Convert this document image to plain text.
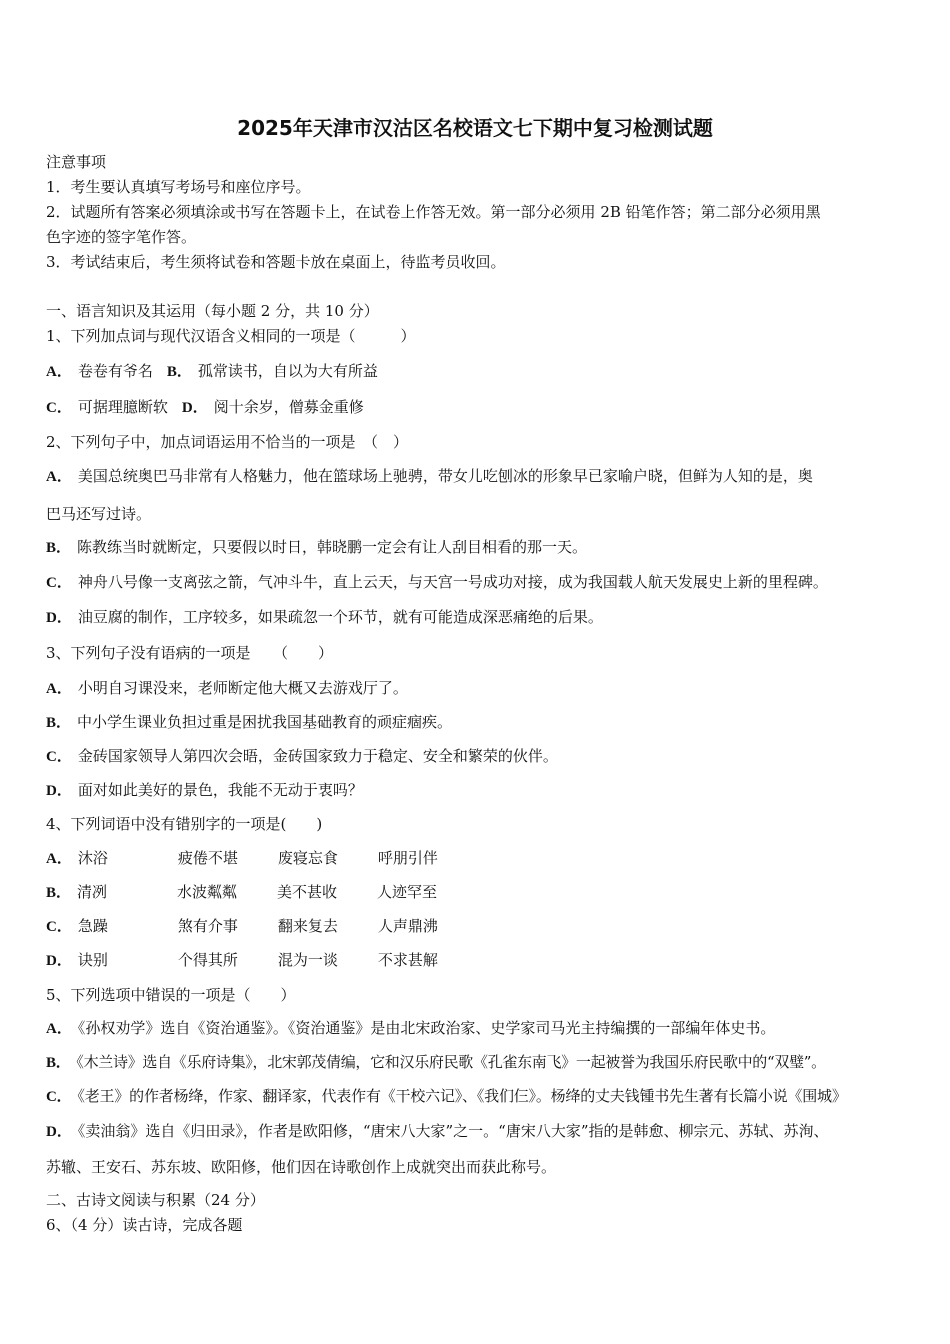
2025年天津市汉沽区名校语文七下期中复习检测试题
注意事项
1．考生要认真填写考场号和座位序号。
2．试题所有答案必须填涂或书写在答题卡上，在试卷上作答无效。第一部分必须用 2B 铅笔作答；第二部分必须用黑
色字迹的签字笔作答。
3．考试结束后，考生须将试卷和答题卡放在桌面上，待监考员收回。
一、语言知识及其运用（每小题 2 分，共 10 分）
1、下列加点词与现代汉语含义相同的一项是（　　　）
A． 卷卷有爷名 B． 孤常读书，自以为大有所益
C． 可据理臆断软 D． 阅十余岁，僧募金重修
2、下列句子中，加点词语运用不恰当的一项是　（　）
A． 美国总统奥巴马非常有人格魅力，他在篮球场上驰骋，带女儿吃刨冰的形象早已家喻户晓，但鲜为人知的是，奥
巴马还写过诗。
B． 陈教练当时就断定，只要假以时日，韩晓鹏一定会有让人刮目相看的那一天。
C． 神舟八号像一支离弦之箭，气冲斗牛，直上云天，与天宫一号成功对接，成为我国载人航天发展史上新的里程碑。
D． 油豆腐的制作，工序较多，如果疏忽一个环节，就有可能造成深恶痛绝的后果。
3、下列句子没有语病的一项是　　（　　）
A． 小明自习课没来，老师断定他大概又去游戏厅了。
B． 中小学生课业负担过重是困扰我国基础教育的顽症痼疾。
C． 金砖国家领导人第四次会晤，金砖国家致力于稳定、安全和繁荣的伙伴。
D． 面对如此美好的景色，我能不无动于衷吗？
4、下列词语中没有错别字的一项是(　　)
A． 沐浴	疲倦不堪	废寝忘食	呼朋引伴
B． 清冽	水波粼粼	美不甚收	人迹罕至
C． 急躁	煞有介事	翻来复去	人声鼎沸
D． 诀别	个得其所	混为一谈	不求甚解
5、下列选项中错误的一项是（　　）
A． 《孙权劝学》选自《资治通鉴》。《资治通鉴》是由北宋政治家、史学家司马光主持编撰的一部编年体史书。
B． 《木兰诗》选自《乐府诗集》，北宋郭茂倩编，它和汉乐府民歌《孔雀东南飞》一起被誉为我国乐府民歌中的“双璧”。
C． 《老王》的作者杨绛，作家、翻译家，代表作有《干校六记》、《我们仨》。杨绛的丈夫钱锺书先生著有长篇小说《围城》
D． 《卖油翁》选自《归田录》，作者是欧阳修，“唐宋八大家”之一。“唐宋八大家”指的是韩愈、柳宗元、苏轼、苏洵、
苏辙、王安石、苏东坡、欧阳修，他们因在诗歌创作上成就突出而获此称号。
二、古诗文阅读与积累（24 分）
6、（4 分）读古诗，完成各题
